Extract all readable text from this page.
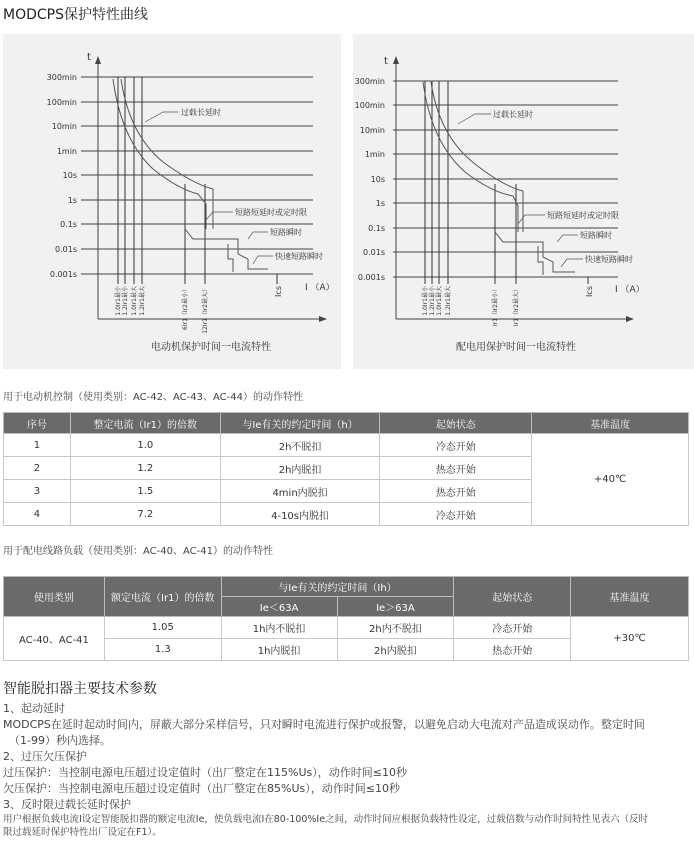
MODCPS保护特性曲线
300min
100min
10min
1min
10s
1s
0.1s
0.01s
0.001s
t
I （A）
过载长延时
短路短延时或定时限
短路瞬时
快速短路瞬时
1.0Ir1最小 1.2Ir1最小 1.0Ir1最大 1.2Ir1最大	6Ir1（Ir2最小） 12Ir1（Ir2最大）	Ics
电动机保护时间一电流特性
300min
100min
10min
1min
10s
1s
0.1s
0.01s
0.001s
t
I （A）
过载长延时
短路短延时或定时限
短路瞬时
快速短路瞬时
1.0Ir1最小 1.2Ir1最小 1.0Ir1最大 1.2Ir1最大	Ir1（Ir2最小） Ir1（Ir2最大）	Ics
配电用保护时间一电流特性
用于电动机控制（使用类别：AC-42、AC-43、AC-44）的动作特性
序号	整定电流（Ir1）的倍数	与Ie有关的约定时间（h）	起始状态	基准温度
1	1.0	2h不脱扣	冷态开始	+40℃
2	1.2	2h内脱扣	热态开始	
3	1.5	4min内脱扣	热态开始	
4	7.2	4-10s内脱扣	冷态开始	
用于配电线路负载（使用类别：AC-40、AC-41）的动作特性
使用类别	额定电流（Ir1）的倍数	与Ie有关的约定时间（Ih）		起始状态	基准温度
		Ie＜63A	Ie＞63A		
AC-40、AC-41	1.05	1h内不脱扣	2h内不脱扣	冷态开始	+30℃
	1.3	1h内脱扣	2h内脱扣	热态开始	
智能脱扣器主要技术参数
1、起动延时
MODCPS在延时起动时间内，屏蔽大部分采样信号，只对瞬时电流进行保护或报警，以避免启动大电流对产品造成误动作。整定时间
（1-99）秒内选择。
2、过压欠压保护
过压保护：当控制电源电压超过设定值时（出厂整定在115%Us），动作时间≤10秒
欠压保护：当控制电源电压超过设定值时（出厂整定在85%Us），动作时间≤10秒
3、反时限过载长延时保护
用户根据负载电流I设定智能脱扣器的额定电流Ie，使负载电流I在80-100%Ie之间，动作时间应根据负载特性设定，过载倍数与动作时间特性见表六（反时
限过载延时保护特性出厂设定在F1）。
